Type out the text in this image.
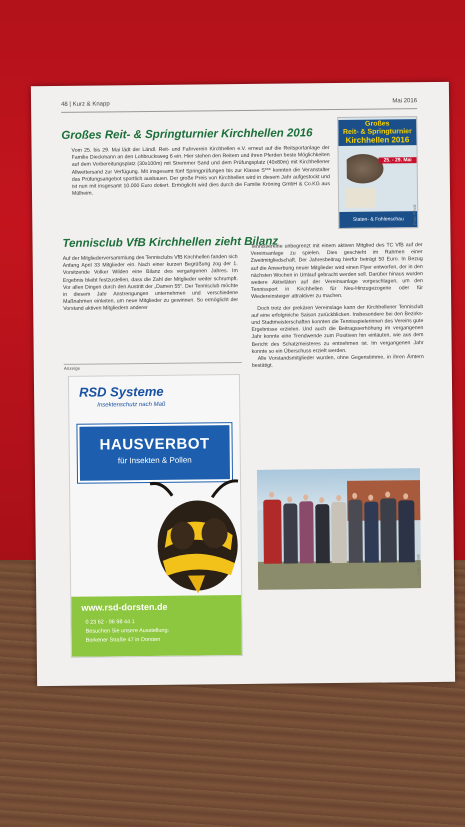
48 | Kurz & Knapp
Mai 2016
Großes Reit- & Springturnier Kirchhellen 2016
Vom 25. bis 29. Mai lädt der Ländl. Reit- und Fahrverein Kirchhellen e.V. erneut auf die Reitsportanlage der Familie Dieckmann an den Lohbrucksweg 6 ein. Hier stehen den Reitern und ihren Pferden beste Möglichkeiten auf dem Vorbereitungsplatz (30x100m) mit Stremmer Sand und dem Prüfungsplatz (40x80m) mit Kirchhellener Allwettersand zur Verfügung. Mit insgesamt fünf Springprüfungen bis zur Klasse S*** konnten die Veranstalter das Prüfungsangebot sportlich ausbauen. Der große Preis von Kirchhellen wird in diesem Jahr aufgestockt und ist nun mit insgesamt 10.000 Euro dotiert. Ermöglicht wird dies durch die Familie Kröning GmbH & Co.KG aus Mülheim.
Großes
Reit- & Springturnier
Kirchhellen 2016
25. - 29. Mai
Staten- & Fohlenschau	Foto: Privat
Tennisclub VfB Kirchhellen zieht Bilanz
Auf der Mitgliederversammlung des Tennisclubs VfB Kirchhellen fanden sich Anfang April 33 Mitglieder ein. Nach einer kurzen Begrüßung zog der 1. Vorsitzende Volker Wilden eine Bilanz des vergangenen Jahres. Im Ergebnis bleibt festzustellen, dass die Zahl der Mitglieder weiter schrumpft. Vor allen Dingen durch den Austritt der „Damen 55“. Der Tennisclub möchte in diesem Jahr Anstrengungen unternehmen und verschiedene Maßnahmen einleiten, um neue Mitglieder zu gewinnen. So ermöglicht der Vorstand aktiven Mitgliedern anderer
Tennisvereine unbegrenzt mit einem aktiven Mitglied des TC VfB auf der Vereinsanlage zu spielen. Dies geschieht im Rahmen einer Zweitmitgliedschaft. Der Jahresbeitrag hierfür beträgt 50 Euro. In Bezug auf die Anwerbung neuer Mitglieder wird einen Flyer entworfen, der in den nächsten Wochen in Umlauf gebracht werden soll. Darüber hinaus wurden weitere Aktivitäten auf der Vereinsanlage vorgeschlagen, um den Tennissport in Kirchhellen für Neu-Hinzugezogene oder für Wiedereinsteiger attraktiver zu machen.
Doch trotz der prekären Vereinslage kann der Kirchhellener Tennisclub auf eine erfolgreiche Saison zurückblicken. Insbesondere bei den Bezirks- und Stadtmeisterschaften konnten die Tennisspielerinnen des Vereins gute Ergebnisse erzielen. Und auch die Beitragsserhöhung im vergangenen Jahr konnte eine Trendwende zum Positiven hin einläuten, wie aus dem Bericht des Schatzmeisteres zu entnehmen ist. Im vergangenen Jahr konnte so ein Überschuss erzielt werden.
Alle Vorstandsmitglieder wurden, ohne Gegenstimme, in ihren Ämtern bestätigt.
Anzeige
RSD Systeme
Insektenschutz nach Maß
HAUSVERBOT
für Insekten & Pollen
www.rsd-dorsten.de
0 23 62 - 96 98 44 1
Besuchen Sie unsere Ausstellung:
Borkener Straße 47 in Dorsten
Foto: Privat
